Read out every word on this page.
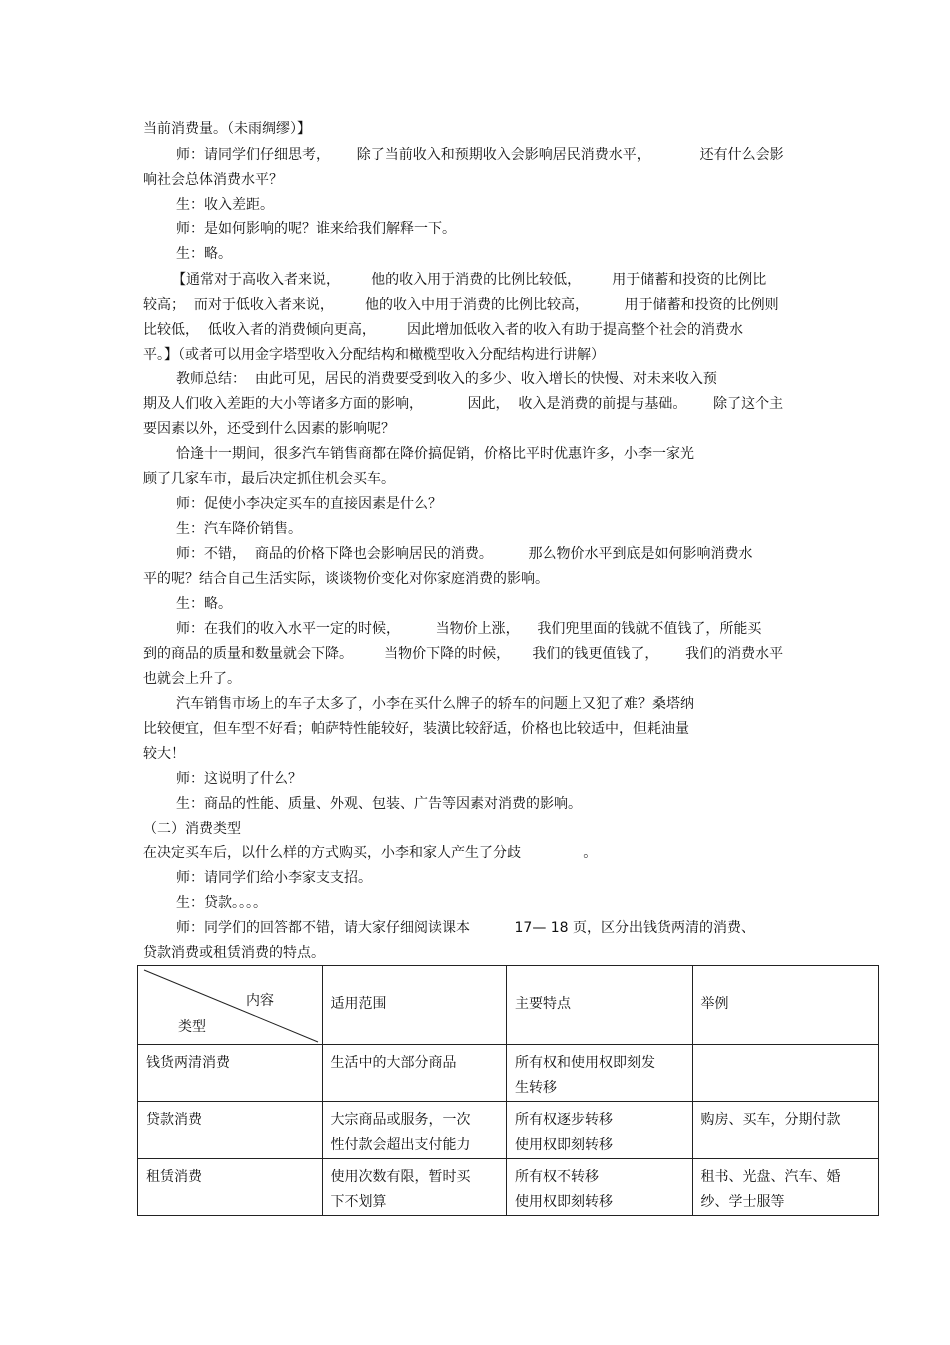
当前消费量。（未雨绸缪）】
师：请同学们仔细思考，      除了当前收入和预期收入会影响居民消费水平，           还有什么会影
响社会总体消费水平？
生：收入差距。
师：是如何影响的呢？谁来给我们解释一下。
生：略。
【通常对于高收入者来说，       他的收入用于消费的比例比较低，       用于储蓄和投资的比例比
较高；  而对于低收入者来说，       他的收入中用于消费的比例比较高，        用于储蓄和投资的比例则
比较低，  低收入者的消费倾向更高，       因此增加低收入者的收入有助于提高整个社会的消费水
平。】（或者可以用金字塔型收入分配结构和橄榄型收入分配结构进行讲解）
教师总结：  由此可见，居民的消费要受到收入的多少、收入增长的快慢、对未来收入预
期及人们收入差距的大小等诸多方面的影响，          因此，  收入是消费的前提与基础。      除了这个主
要因素以外，还受到什么因素的影响呢？
恰逢十一期间，很多汽车销售商都在降价搞促销，价格比平时优惠许多，小李一家光
顾了几家车市，最后决定抓住机会买车。
师：促使小李决定买车的直接因素是什么？
生：汽车降价销售。
师：不错，  商品的价格下降也会影响居民的消费。        那么物价水平到底是如何影响消费水
平的呢？结合自己生活实际，谈谈物价变化对你家庭消费的影响。
生：略。
师：在我们的收入水平一定的时候，        当物价上涨，    我们兜里面的钱就不值钱了，所能买
到的商品的质量和数量就会下降。       当物价下降的时候，     我们的钱更值钱了，      我们的消费水平
也就会上升了。
汽车销售市场上的车子太多了，小李在买什么牌子的轿车的问题上又犯了难？桑塔纳
比较便宜，但车型不好看；帕萨特性能较好，装潢比较舒适，价格也比较适中，但耗油量
较大！
师：这说明了什么？
生：商品的性能、质量、外观、包装、广告等因素对消费的影响。
（二）消费类型
在决定买车后，以什么样的方式购买，小李和家人产生了分歧              。
师：请同学们给小李家支支招。
生：贷款。。。。
师：同学们的回答都不错，请大家仔细阅读课本          17— 18 页，区分出钱货两清的消费、
贷款消费或租赁消费的特点。
内容
类型	适用范围	主要特点	举例

钱货两清消费	生活中的大部分商品	所有权和使用权即刻发
生转移	

贷款消费	大宗商品或服务，一次
性付款会超出支付能力	所有权逐步转移
使用权即刻转移	购房、买车，分期付款

租赁消费	使用次数有限，暂时买
下不划算	所有权不转移
使用权即刻转移	租书、光盘、汽车、婚
纱、学士服等
